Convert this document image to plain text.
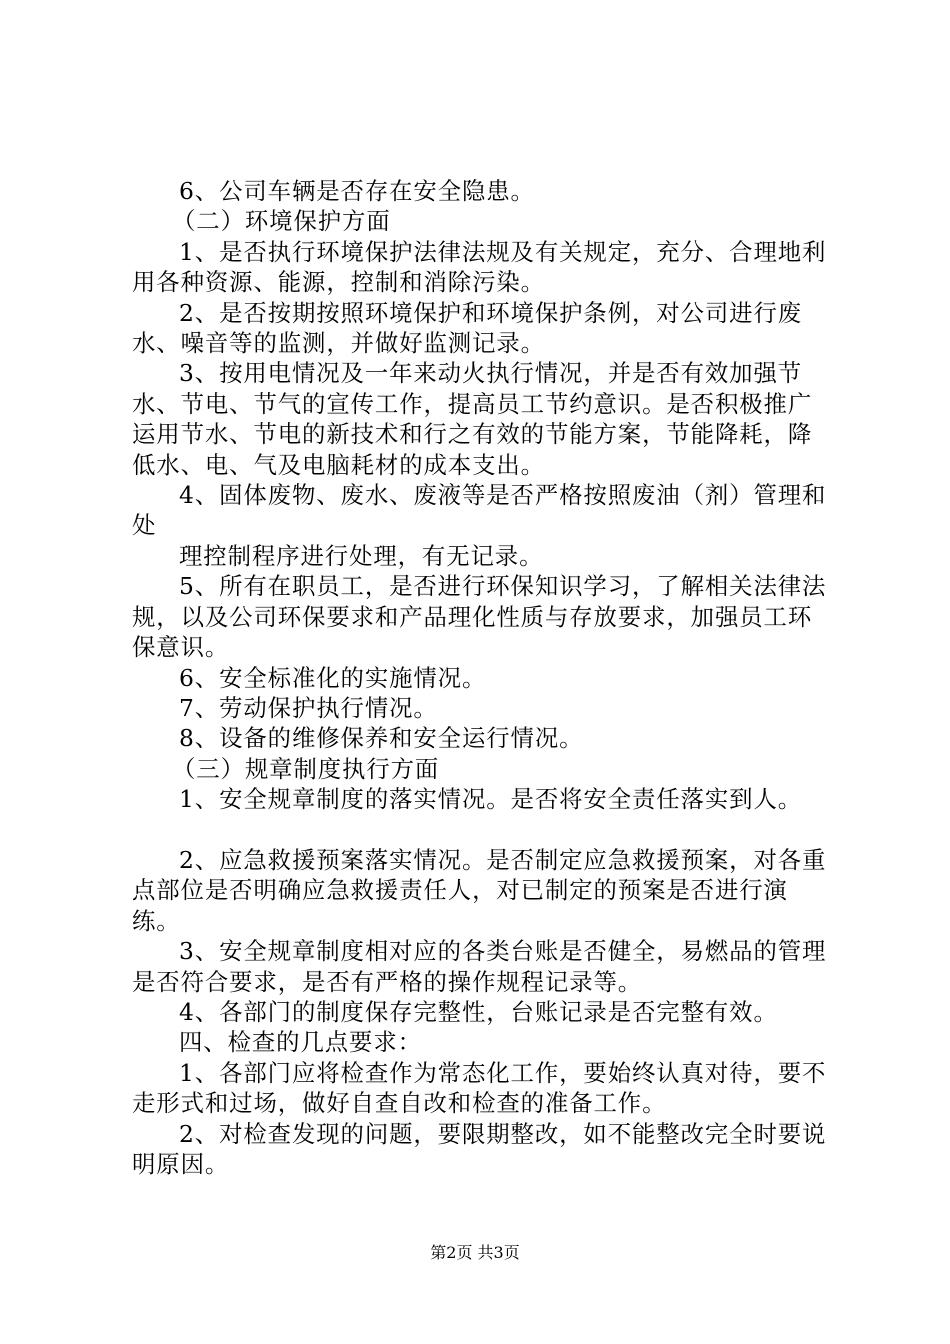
6、公司车辆是否存在安全隐患。

（二）环境保护方面

1、是否执行环境保护法律法规及有关规定，充分、合理地利用各种资源、能源，控制和消除污染。

2、是否按期按照环境保护和环境保护条例，对公司进行废水、噪音等的监测，并做好监测记录。

3、按用电情况及一年来动火执行情况，并是否有效加强节水、节电、节气的宣传工作，提高员工节约意识。是否积极推广运用节水、节电的新技术和行之有效的节能方案，节能降耗，降低水、电、气及电脑耗材的成本支出。

4、固体废物、废水、废液等是否严格按照废油（剂）管理和处

理控制程序进行处理，有无记录。

5、所有在职员工，是否进行环保知识学习，了解相关法律法规，以及公司环保要求和产品理化性质与存放要求，加强员工环保意识。

6、安全标准化的实施情况。

7、劳动保护执行情况。

8、设备的维修保养和安全运行情况。

（三）规章制度执行方面

1、安全规章制度的落实情况。是否将安全责任落实到人。

2、应急救援预案落实情况。是否制定应急救援预案，对各重点部位是否明确应急救援责任人，对已制定的预案是否进行演练。

3、安全规章制度相对应的各类台账是否健全，易燃品的管理是否符合要求，是否有严格的操作规程记录等。

4、各部门的制度保存完整性，台账记录是否完整有效。

四、检查的几点要求：

1、各部门应将检查作为常态化工作，要始终认真对待，要不走形式和过场，做好自查自改和检查的准备工作。

2、对检查发现的问题，要限期整改，如不能整改完全时要说明原因。

第2页 共3页
